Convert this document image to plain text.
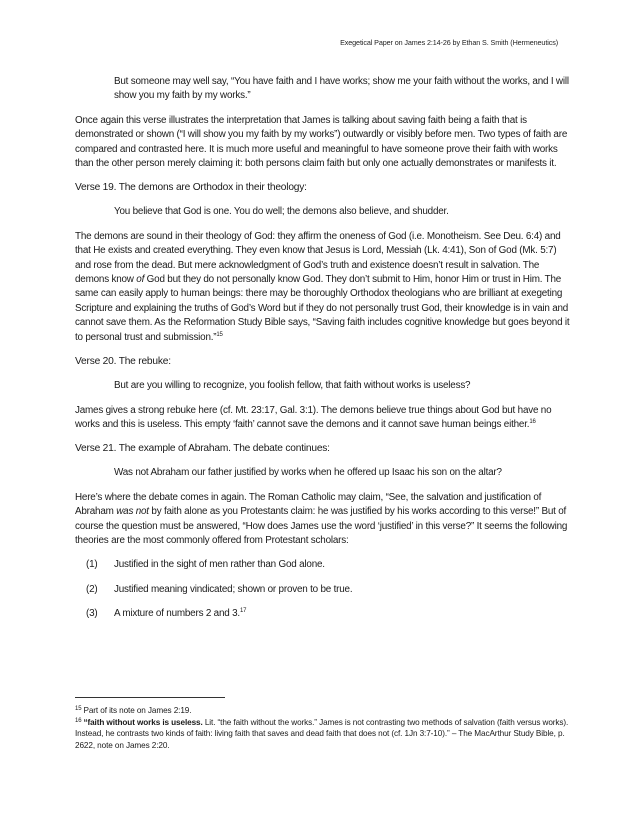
Exegetical Paper on James 2:14-26 by Ethan S. Smith (Hermeneutics)

But someone may well say, “You have faith and I have works; show me your faith without the works, and I will show you my faith by my works.”

Once again this verse illustrates the interpretation that James is talking about saving faith being a faith that is demonstrated or shown (“I will show you my faith by my works”) outwardly or visibly before men. Two types of faith are compared and contrasted here. It is much more useful and meaningful to have someone prove their faith with works than the other person merely claiming it: both persons claim faith but only one actually demonstrates or manifests it.

Verse 19. The demons are Orthodox in their theology:

You believe that God is one. You do well; the demons also believe, and shudder.

The demons are sound in their theology of God: they affirm the oneness of God (i.e. Monotheism. See Deu. 6:4) and that He exists and created everything. They even know that Jesus is Lord, Messiah (Lk. 4:41), Son of God (Mk. 5:7) and rose from the dead. But mere acknowledgment of God’s truth and existence doesn’t result in salvation. The demons know of God but they do not personally know God. They don’t submit to Him, honor Him or trust in Him. The same can easily apply to human beings: there may be thoroughly Orthodox theologians who are brilliant at exegeting Scripture and explaining the truths of God’s Word but if they do not personally trust God, their knowledge is in vain and cannot save them. As the Reformation Study Bible says, “Saving faith includes cognitive knowledge but goes beyond it to personal trust and submission.”$^{15}$

Verse 20. The rebuke:

But are you willing to recognize, you foolish fellow, that faith without works is useless?

James gives a strong rebuke here (cf. Mt. 23:17, Gal. 3:1). The demons believe true things about God but have no works and this is useless. This empty ‘faith’ cannot save the demons and it cannot save human beings either.$^{16}$

Verse 21. The example of Abraham. The debate continues:

Was not Abraham our father justified by works when he offered up Isaac his son on the altar?

Here’s where the debate comes in again. The Roman Catholic may claim, “See, the salvation and justification of Abraham was not by faith alone as you Protestants claim: he was justified by his works according to this verse!” But of course the question must be answered, “How does James use the word ‘justified’ in this verse?” It seems the following theories are the most commonly offered from Protestant scholars:

(1) Justified in the sight of men rather than God alone.
(2) Justified meaning vindicated; shown or proven to be true.
(3) A mixture of numbers 2 and 3.17

$^{15}$ Part of its note on James 2:19.

$^{16}$ “faith without works is useless. Lit. “the faith without the works.” James is not contrasting two methods of salvation (faith versus works). Instead, he contrasts two kinds of faith: living faith that saves and dead faith that does not (cf. 1Jn 3:7-10).” – The MacArthur Study Bible, p. 2622, note on James 2:20.
